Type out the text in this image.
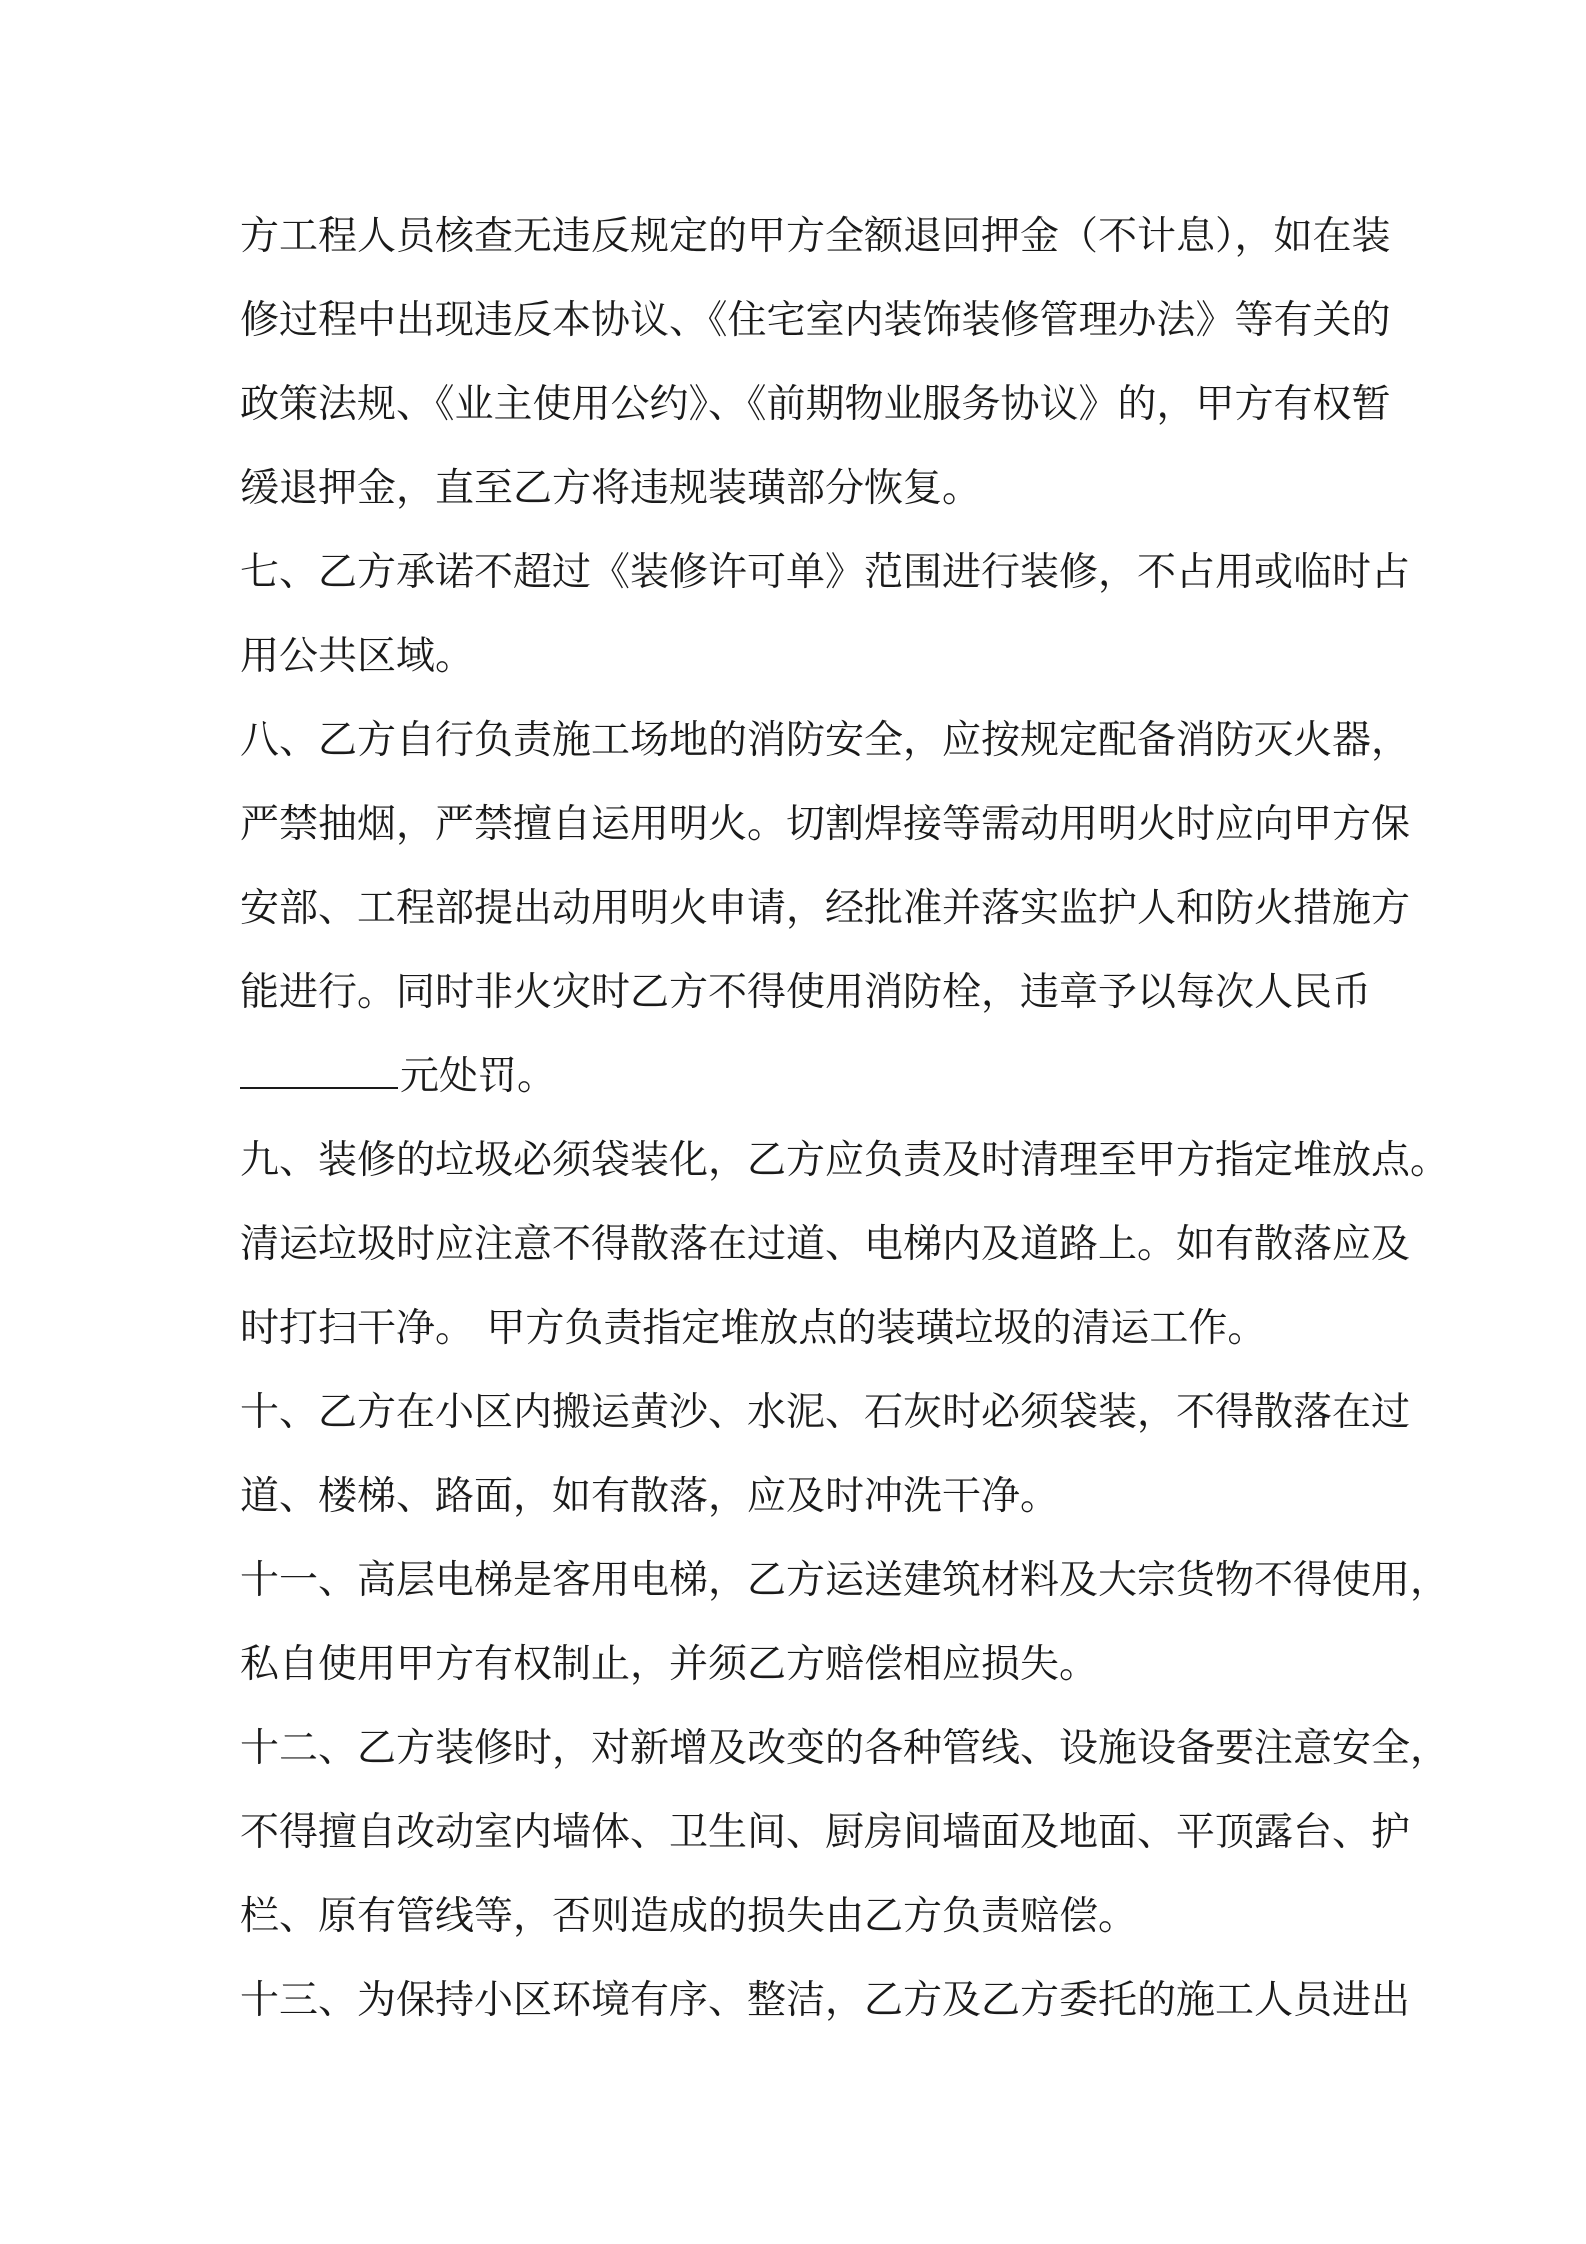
方工程人员核查无违反规定的甲方全额退回押金（不计息），如在装
修过程中出现违反本协议、《住宅室内装饰装修管理办法》等有关的
政策法规、《业主使用公约》、《前期物业服务协议》的，甲方有权暂
缓退押金，直至乙方将违规装璜部分恢复。
七、乙方承诺不超过《装修许可单》范围进行装修，不占用或临时占
用公共区域。
八、乙方自行负责施工场地的消防安全，应按规定配备消防灭火器，
严禁抽烟，严禁擅自运用明火。切割焊接等需动用明火时应向甲方保
安部、工程部提出动用明火申请，经批准并落实监护人和防火措施方
能进行。同时非火灾时乙方不得使用消防栓，违章予以每次人民币
元处罚。
九、装修的垃圾必须袋装化，乙方应负责及时清理至甲方指定堆放点。
清运垃圾时应注意不得散落在过道、电梯内及道路上。如有散落应及
时打扫干净。 甲方负责指定堆放点的装璜垃圾的清运工作。
十、乙方在小区内搬运黄沙、水泥、石灰时必须袋装，不得散落在过
道、楼梯、路面，如有散落，应及时冲洗干净。
十一、高层电梯是客用电梯，乙方运送建筑材料及大宗货物不得使用，
私自使用甲方有权制止，并须乙方赔偿相应损失。
十二、乙方装修时，对新增及改变的各种管线、设施设备要注意安全，
不得擅自改动室内墙体、卫生间、厨房间墙面及地面、平顶露台、护
栏、原有管线等，否则造成的损失由乙方负责赔偿。
十三、为保持小区环境有序、整洁，乙方及乙方委托的施工人员进出
